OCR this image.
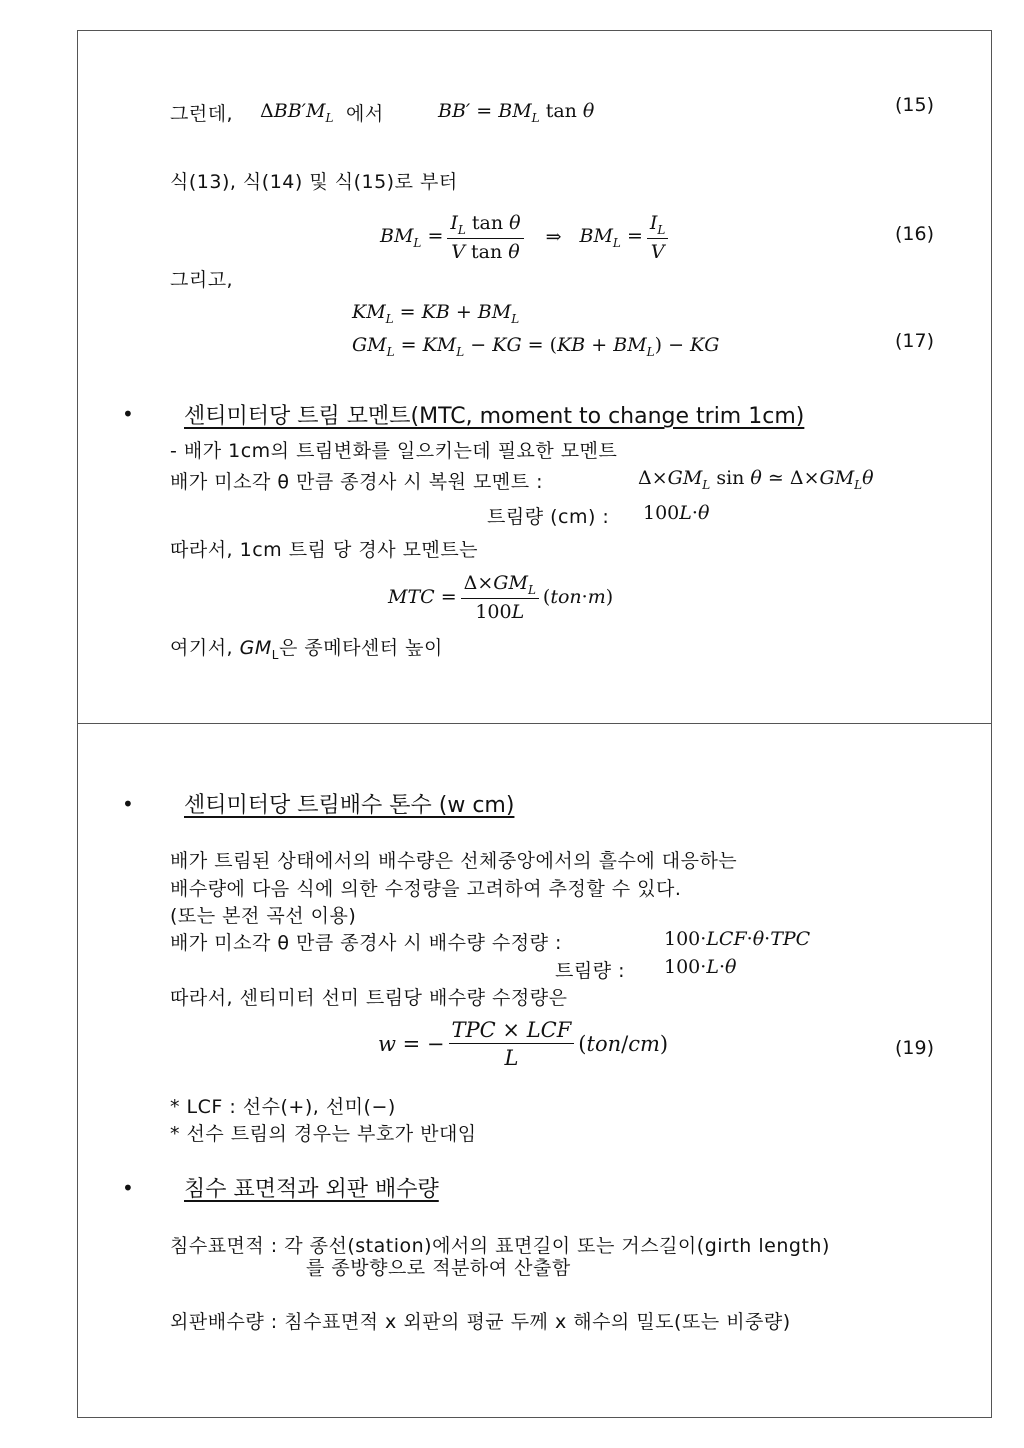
그런데, $\Delta BB'M_L$ 에서	$BB' = BM_L$ tan θ	(15)
식(13), 식(14) 및 식(15)로 부터
$BM_L = \frac{I_L \tan \theta}{\text{V tan θ}}$ ⇒ $BM_L = \frac{I_L}{V}$	(16)
그리고,
$KM_L$ = KB + $BM_L$
$GM_L = KM_L$ − KG = $(KB + BM_L)$ − KG	(17)
• 센티미터당 트림 모멘트(MTC, moment to change trim 1cm)
- 배가 1cm의 트림변화를 일으키는데 필요한 모멘트
배가 미소각 θ 만큼 종경사 시 복원 모멘트 :	$\Delta\times GM_L$ sin θ ≃ $\Delta\times GM_L\theta$
트림량 (cm) : 100L·θ
따라서, 1cm 트림 당 경사 모멘트는
MTC = $\frac{\Delta\times GM_L}{100L} (ton\cdot m)$
여기서, $GM_L$은 종메타센터 높이
• 센티미터당 트림배수 톤수 (w cm)
배가 트림된 상태에서의 배수량은 선체중앙에서의 흘수에 대응하는
배수량에 다음 식에 의한 수정량을 고려하여 추정할 수 있다.
(또는 본전 곡선 이용)
배가 미소각 θ 만큼 종경사 시 배수량 수정량 :	100·LCF·θ·TPC
트림량 : 100·L·θ
따라서, 센티미터 선미 트림당 배수량 수정량은
w = − $\frac{\text{TPC × LCF}}{L} (ton/cm)$	(19)
* LCF : 선수(+), 선미(−)
* 선수 트림의 경우는 부호가 반대임
• 침수 표면적과 외판 배수량
침수표면적 : 각 종선(station)에서의 표면길이 또는 거스길이(girth length)
를 종방향으로 적분하여 산출함
외판배수량 : 침수표면적 x 외판의 평균 두께 x 해수의 밀도(또는 비중량)
